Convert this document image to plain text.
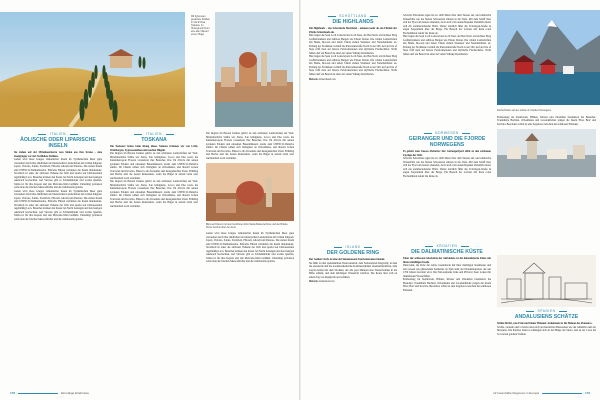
Mit Zypressen gesäumte Straßen im Val d'Orcia, Toskana. Im Hintergrund thront eine alte Villa auf einem Hügel.

ITALIEN
ÄOLISCHE ODER LIPARISCHE INSELN

Sie ziehen auf der Mittelmeerkarte vom Süden aus ihre Kreise – eine Inselgruppe vor der Nordküste Siziliens.

Geben wird diese Gruppe vulkanischer Inseln im Tyrrhenischen Meer ganz verzaubert durch ihre ländlichen und malerischen Landschaften mit wilden Klippen: Lipari, Vulcano, Salina, Stromboli, Filicudi, Alicudi und Panarea. Die sieben Inseln sind UNESCO-Weltkulturerbe. Einfache Fähren verbinden die Inseln miteinander. Stromboli ist einer der aktivsten Vulkane der Welt und spuckt seit Jahrtausenden regelmäßig Lava. Besucher können den Krater bei Nacht besteigen und den feurigen Ausbruch beobachten. Auf Vulcano gibt es Schlammbäder und warme Quellen, Salina ist für ihre Kapern und den Malvasia-Wein berühmt. Unbedingt probieren sollte man die frischen Meeresfrüchte und die traditionelle granita.

Geben wird diese Gruppe vulkanischer Inseln im Tyrrhenischen Meer ganz verzaubert durch ihre ländlichen und malerischen Landschaften mit wilden Klippen: Lipari, Vulcano, Salina, Stromboli, Filicudi, Alicudi und Panarea. Die sieben Inseln sind UNESCO-Weltkulturerbe. Einfache Fähren verbinden die Inseln miteinander. Stromboli ist einer der aktivsten Vulkane der Welt und spuckt seit Jahrtausenden regelmäßig Lava. Besucher können den Krater bei Nacht besteigen und den feurigen Ausbruch beobachten. Auf Vulcano gibt es Schlammbäder und warme Quellen, Salina ist für ihre Kapern und den Malvasia-Wein berühmt. Unbedingt probieren sollte man die frischen Meeresfrüchte und die traditionelle granita.

ITALIEN
TOSKANA

Die Toskana! Schon beim Klang dieses Namens träumen wir von Licht, Weinbergen, Zypressenalleen und sanften Hügeln.

Die Region im Herzen Italiens gehört zu den schönsten Landschaften der Welt. Mittelalterliche Städte wie Siena, San Gimignano, Lucca und Pisa sowie die Kunstmetropole Florenz verzaubern ihre Besucher. Das Val d'Orcia mit seinen goldenen Feldern und einsamen Bauernhäusern wurde zum UNESCO-Welterbe erklärt. Im Chianti reihen sich Weingüter an Olivenhaine, und überall locken Trattorien mit Pecorino, Bistecca alla fiorentina und hausgemachter Pasta. Frühling und Herbst sind die besten Reisezeiten, wenn die Hügel in sattem Grün oder leuchtendem Gold erstrahlen.

Die Region im Herzen Italiens gehört zu den schönsten Landschaften der Welt. Mittelalterliche Städte wie Siena, San Gimignano, Lucca und Pisa sowie die Kunstmetropole Florenz verzaubern ihre Besucher. Das Val d'Orcia mit seinen goldenen Feldern und einsamen Bauernhäusern wurde zum UNESCO-Welterbe erklärt. Im Chianti reihen sich Weingüter an Olivenhaine, und überall locken Trattorien mit Pecorino, Bistecca alla fiorentina und hausgemachter Pasta. Frühling und Herbst sind die besten Reisezeiten, wenn die Hügel in sattem Grün oder leuchtendem Gold erstrahlen.

Die Region im Herzen Italiens gehört zu den schönsten Landschaften der Welt. Mittelalterliche Städte wie Siena, San Gimignano, Lucca und Pisa sowie die Kunstmetropole Florenz verzaubern ihre Besucher. Das Val d'Orcia mit seinen goldenen Feldern und einsamen Bauernhäusern wurde zum UNESCO-Welterbe erklärt. Im Chianti reihen sich Weingüter an Olivenhaine, und überall locken Trattorien mit Pecorino, Bistecca alla fiorentina und hausgemachter Pasta. Frühling und Herbst sind die besten Reisezeiten, wenn die Hügel in sattem Grün oder leuchtendem Gold erstrahlen.

Blick auf Florenz mit dem berühmten Dom Santa Maria del Fiore und der Brücke Ponte Vecchio über den Arno.

Geben wird diese Gruppe vulkanischer Inseln im Tyrrhenischen Meer ganz verzaubert durch ihre ländlichen und malerischen Landschaften mit wilden Klippen: Lipari, Vulcano, Salina, Stromboli, Filicudi, Alicudi und Panarea. Die sieben Inseln sind UNESCO-Weltkulturerbe. Einfache Fähren verbinden die Inseln miteinander. Stromboli ist einer der aktivsten Vulkane der Welt und spuckt seit Jahrtausenden regelmäßig Lava. Besucher können den Krater bei Nacht besteigen und den feurigen Ausbruch beobachten. Auf Vulcano gibt es Schlammbäder und warme Quellen, Salina ist für ihre Kapern und den Malvasia-Wein berühmt. Unbedingt probieren sollte man die frischen Meeresfrüchte und die traditionelle granita.

178	Einmalige Erlebnisse
SCHOTTLAND
DIE HIGHLANDS

Die Highlands – das Schottische Hochland – nehmen mehr als ein Fünftel der Fläche Schottlands ein.

Hier liegen die Seen Loch Lomond und Loch Ness, der Ben Nevis als höchster Berg Großbritanniens und zahllose Burgen wie Eilean Donan. Die wilden Landschaften mit Heide, Mooren und tiefen Tälern ziehen Wanderer und Naturliebhaber an. Entlang der Nordküste verläuft die Panoramastraße North Coast 500. Auf der Isle of Skye trifft man auf bizarre Felsformationen und idyllische Fischerdörfer. Nicht fehlen darf ein Besuch in einer der vielen Whisky-Destillerien.

Hier liegen die Seen Loch Lomond und Loch Ness, der Ben Nevis als höchster Berg Großbritanniens und zahllose Burgen wie Eilean Donan. Die wilden Landschaften mit Heide, Mooren und tiefen Tälern ziehen Wanderer und Naturliebhaber an. Entlang der Nordküste verläuft die Panoramastraße North Coast 500. Auf der Isle of Skye trifft man auf bizarre Felsformationen und idyllische Fischerdörfer. Nicht fehlen darf ein Besuch in einer der vielen Whisky-Destillerien.

Website visitscotland.com

Schroffe Felswände ragen bis zu 1400 Meter über dem Wasser auf, und zahlreiche Wasserfälle wie die Sieben Schwestern stürzen in die Tiefe. Mit dem Schiff lässt sich der Fjord am besten erkunden, doch auch vom Aussichtspunkt Dalsnibba bietet sich ein atemberaubender Blick. Weiter nördlich führt die Trollstigen-Straße in engen Serpentinen über die Berge. Ein Besuch der Lofoten mit ihren roten Fischerhütten rundet die Reise ab.

Hier liegen die Seen Loch Lomond und Loch Ness, der Ben Nevis als höchster Berg Großbritanniens und zahllose Burgen wie Eilean Donan. Die wilden Landschaften mit Heide, Mooren und tiefen Tälern ziehen Wanderer und Naturliebhaber an. Entlang der Nordküste verläuft die Panoramastraße North Coast 500. Auf der Isle of Skye trifft man auf bizarre Felsformationen und idyllische Fischerdörfer. Nicht fehlen darf ein Besuch in einer der vielen Whisky-Destillerien.

NORWEGEN
GEIRANGER UND DIE FJORDE NORWEGENS

Es gehört zum Unesco-Welterbe: Der Geirangerfjord zählt zu den schönsten Fjorden der Welt.

Schroffe Felswände ragen bis zu 1400 Meter über dem Wasser auf, und zahlreiche Wasserfälle wie die Sieben Schwestern stürzen in die Tiefe. Mit dem Schiff lässt sich der Fjord am besten erkunden, doch auch vom Aussichtspunkt Dalsnibba bietet sich ein atemberaubender Blick. Weiter nördlich führt die Trollstigen-Straße in engen Serpentinen über die Berge. Ein Besuch der Lofoten mit ihren roten Fischerhütten rundet die Reise ab.

Fischerhütten auf den Lofoten im Norden Norwegens.

Entdeckung im Steinforum, Höhlen, Klöster und Zitadellen faszinieren die Besucher. Traumhafte Buchten, Olivenhaine und Lavendelfelder prägen die Inseln Hvar, Brač und Korčula. Besonders schön ist eine Segeltour zwischen den zahllosen Eilanden.

ISLAND
DER GOLDENE RING

Der Golden Circle ist eine der bekanntesten Touristenrouten Islands.

Sie führt zu drei spektakulären Naturwundern: dem Nationalpark Þingvellir, in dem die eurasische und die nordamerikanische Kontinentalplatte auseinanderdriften, dem Geysir-Gebiet mit dem Strokkur, der alle paar Minuten eine Wasserfontäne in die Höhe schießt, und dem mächtigen Wasserfall Gullfoss. Die Route lässt sich an einem Tag von Reykjavík aus befahren.

Website visiticeland.com
KROATIEN
DIE DALMATINISCHE KÜSTE

Einer der schönsten Abschnitte der Adriaküste ist die dalmatinische Küste mit ihren unzähligen Inseln.

Dubrovnik, die Perle der Adria, beeindruckt mit ihrer mächtigen Stadtmauer und den Gassen aus glänzendem Kalkstein. In Split steht der Diokletianpalast, der seit 1700 Jahren bewohnt wird. Die Nationalparks Krka und Plitvicer Seen locken mit türkisblauen Wasserfällen.

Entdeckung im Steinforum, Höhlen, Klöster und Zitadellen faszinieren die Besucher. Traumhafte Buchten, Olivenhaine und Lavendelfelder prägen die Inseln Hvar, Brač und Korčula. Besonders schön ist eine Segeltour zwischen den zahllosen Eilanden.

SPANIEN
ANDALUSIENS SCHÄTZE

Weiße Dörfer, rote Erde und blauer Himmel: Andalusien ist die Heimat des Flamenco.

Sevilla, Granada und Córdoba sind reich an maurischen Bauwerken wie der Alhambra und der Mezquita. Die Pueblos blancos schmiegen sich an die Hänge der Sierra, und an der Costa del Sol warten goldene Strände.

12 traumhafte Regionen in Europa	179
